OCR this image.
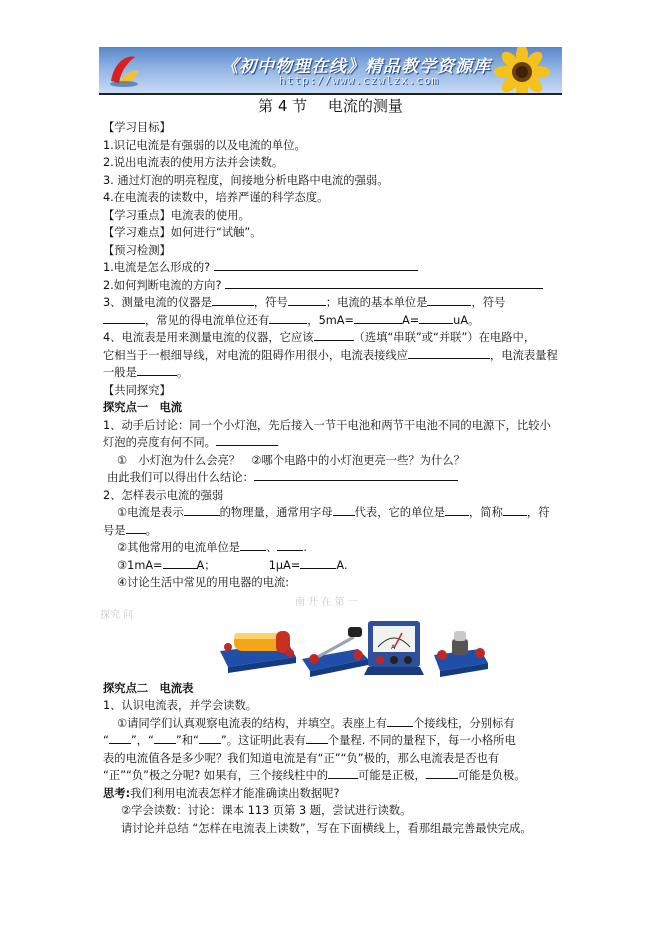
《初中物理在线》精品教学资源库
http://www.czwlzx.com
第 4 节 电流的测量
【学习目标】
1.识记电流是有强弱的以及电流的单位。
2.说出电流表的使用方法并会读数。
3. 通过灯泡的明亮程度，间接地分析电路中电流的强弱。
4.在电流表的读数中，培养严谨的科学态度。
【学习重点】电流表的使用。
【学习难点】如何进行“试触”。
【预习检测】
1.电流是怎么形成的?
2.如何判断电流的方向?
3、测量电流的仪器是	，符号	；电流的基本单位是	，符号
，常见的得电流单位还有	，5mA=	A=	uA。
4、电流表是用来测量电流的仪器，它应该	（选填“串联”或“并联”）在电路中，
它相当于一根细导线，对电流的阻碍作用很小，电流表接线应	，电流表量程
一般是	。
【共同探究】
探究点一　电流
1、动手后讨论：同一个小灯泡，先后接入一节干电池和两节干电池不同的电源下，比较小
灯泡的亮度有何不同。
①　小灯泡为什么会亮？　②哪个电路中的小灯泡更亮一些？为什么？
由此我们可以得出什么结论：
2、怎样表示电流的强弱
①电流是表示	的物理量，通常用字母 代表，它的单位是 ，简称 ，符
号是 。
②其他常用的电流单位是 、 .
③1mA=	A；	1μA=	A.
④讨论生活中常见的用电器的电流:
探究点二　电流表
1、认识电流表，并学会读数。
①请同学们认真观察电流表的结构，并填空。表座上有 个接线柱，分别标有
“ ”，“ ”和“ ”。这证明此表有 个量程. 不同的量程下，每一小格所电
表的电流值各是多少呢？我们知道电流是有“正”“负”极的，那么电流表是否也有
“正”“负”极之分呢? 如果有，三个接线柱中的	可能是正极，	可能是负极。
思考:我们利用电流表怎样才能准确读出数据呢?
②学会读数：讨论：课本 113 页第 3 题，尝试进行读数。
请讨论并总结 “怎样在电流表上读数”，写在下面横线上，看那组最完善最快完成。
南 开 在 第 一
探究 问
A
